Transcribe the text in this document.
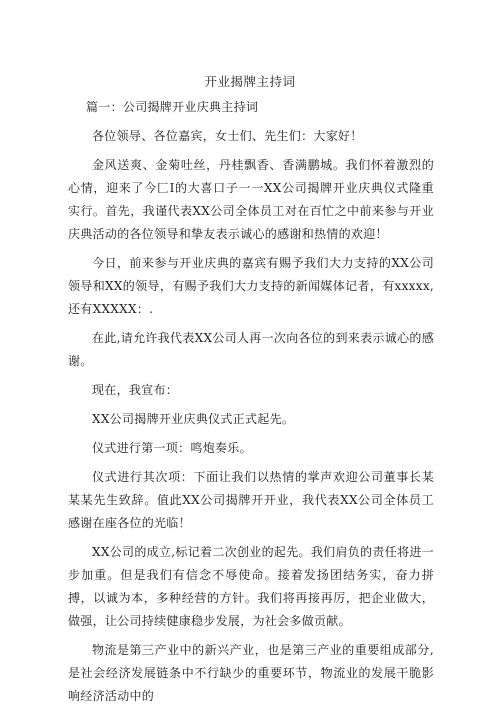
开业揭牌主持词

篇一：公司揭牌开业庆典主持词

各位领导、各位嘉宾，女士们、先生们：大家好！

金风送爽、金菊吐丝，丹桂飘香、香满鹏城。我们怀着激烈的心情，迎来了今匚I的大喜口子一一XX公司揭牌开业庆典仪式隆重实行。首先，我谨代表XX公司全体员工对在百忙之中前来参与开业庆典活动的各位领导和挚友表示诚心的感谢和热情的欢迎！

今日，前来参与开业庆典的嘉宾有赐予我们大力支持的XX公司领导和XX的领导，有赐予我们大力支持的新闻媒体记者，有xxxxx,还有XXXXX：.

在此,请允许我代表XX公司人再一次向各位的到来表示诚心的感谢。

现在，我宣布：

XX公司揭牌开业庆典仪式正式起先。

仪式进行第一项：鸣炮奏乐。

仪式进行其次项：下面让我们以热情的掌声欢迎公司董事长某某某先生致辞。值此XX公司揭牌开开业，我代表XX公司全体员工感谢在座各位的光临！

XX公司的成立,标记着二次创业的起先。我们肩负的责任将进一步加重。但是我们有信念不辱使命。接着发扬团结务实，奋力拼搏，以诚为本，多种经营的方针。我们将再接再厉，把企业做大，做强，让公司持续健康稳步发展，为社会多做贡献。

物流是第三产业中的新兴产业，也是第三产业的重要组成部分,是社会经济发展链条中不行缺少的重要环节，物流业的发展干脆影响经济活动中的
